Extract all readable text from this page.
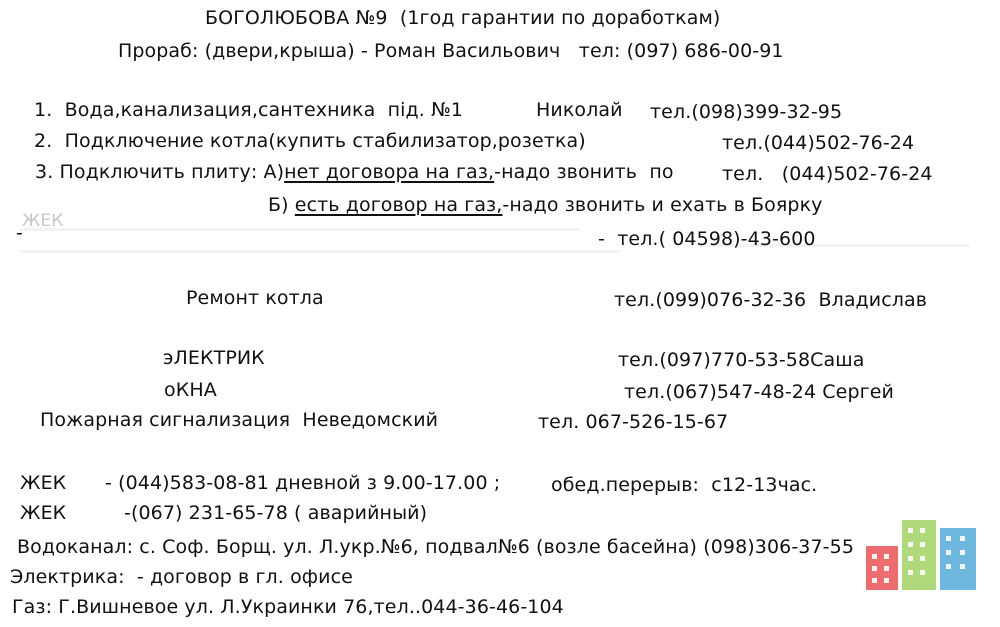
БОГОЛЮБОВА №9  (1год гарантии по доработкам)
Прораб: (двери,крыша) - Роман Васильович   тел: (097) 686-00-91
1.  Вода,канализация,сантехника  під. №1	Николай тел.(098)399-32-95
2.  Подключение котла(купить стабилизатор,розетка)	тел.(044)502-76-24
3. Подключить плиту: А)нет договора на газ,-надо звонить  по	тел.   (044)502-76-24
Б) есть договор на газ,-надо звонить и ехать в Боярку
ЖЕК
-	-  тел.( 04598)-43-600
Ремонт котла	тел.(099)076-32-36  Владислав
эЛЕКТРИК	тел.(097)770-53-58Саша
оКНА	тел.(067)547-48-24 Сергей
Пожарная сигнализация  Неведомский	тел. 067-526-15-67
ЖЕК - (044)583-08-81 дневной з 9.00-17.00 ;	обед.перерыв:  с12-13час.
ЖЕК	-(067) 231-65-78 ( аварийный)
Водоканал: с. Соф. Борщ. ул. Л.укр.№6, подвал№6 (возле басейна) (098)306-37-55
Электрика:  - договор в гл. офисе
Газ: Г.Вишневое ул. Л.Украинки 76,тел..044-36-46-104
